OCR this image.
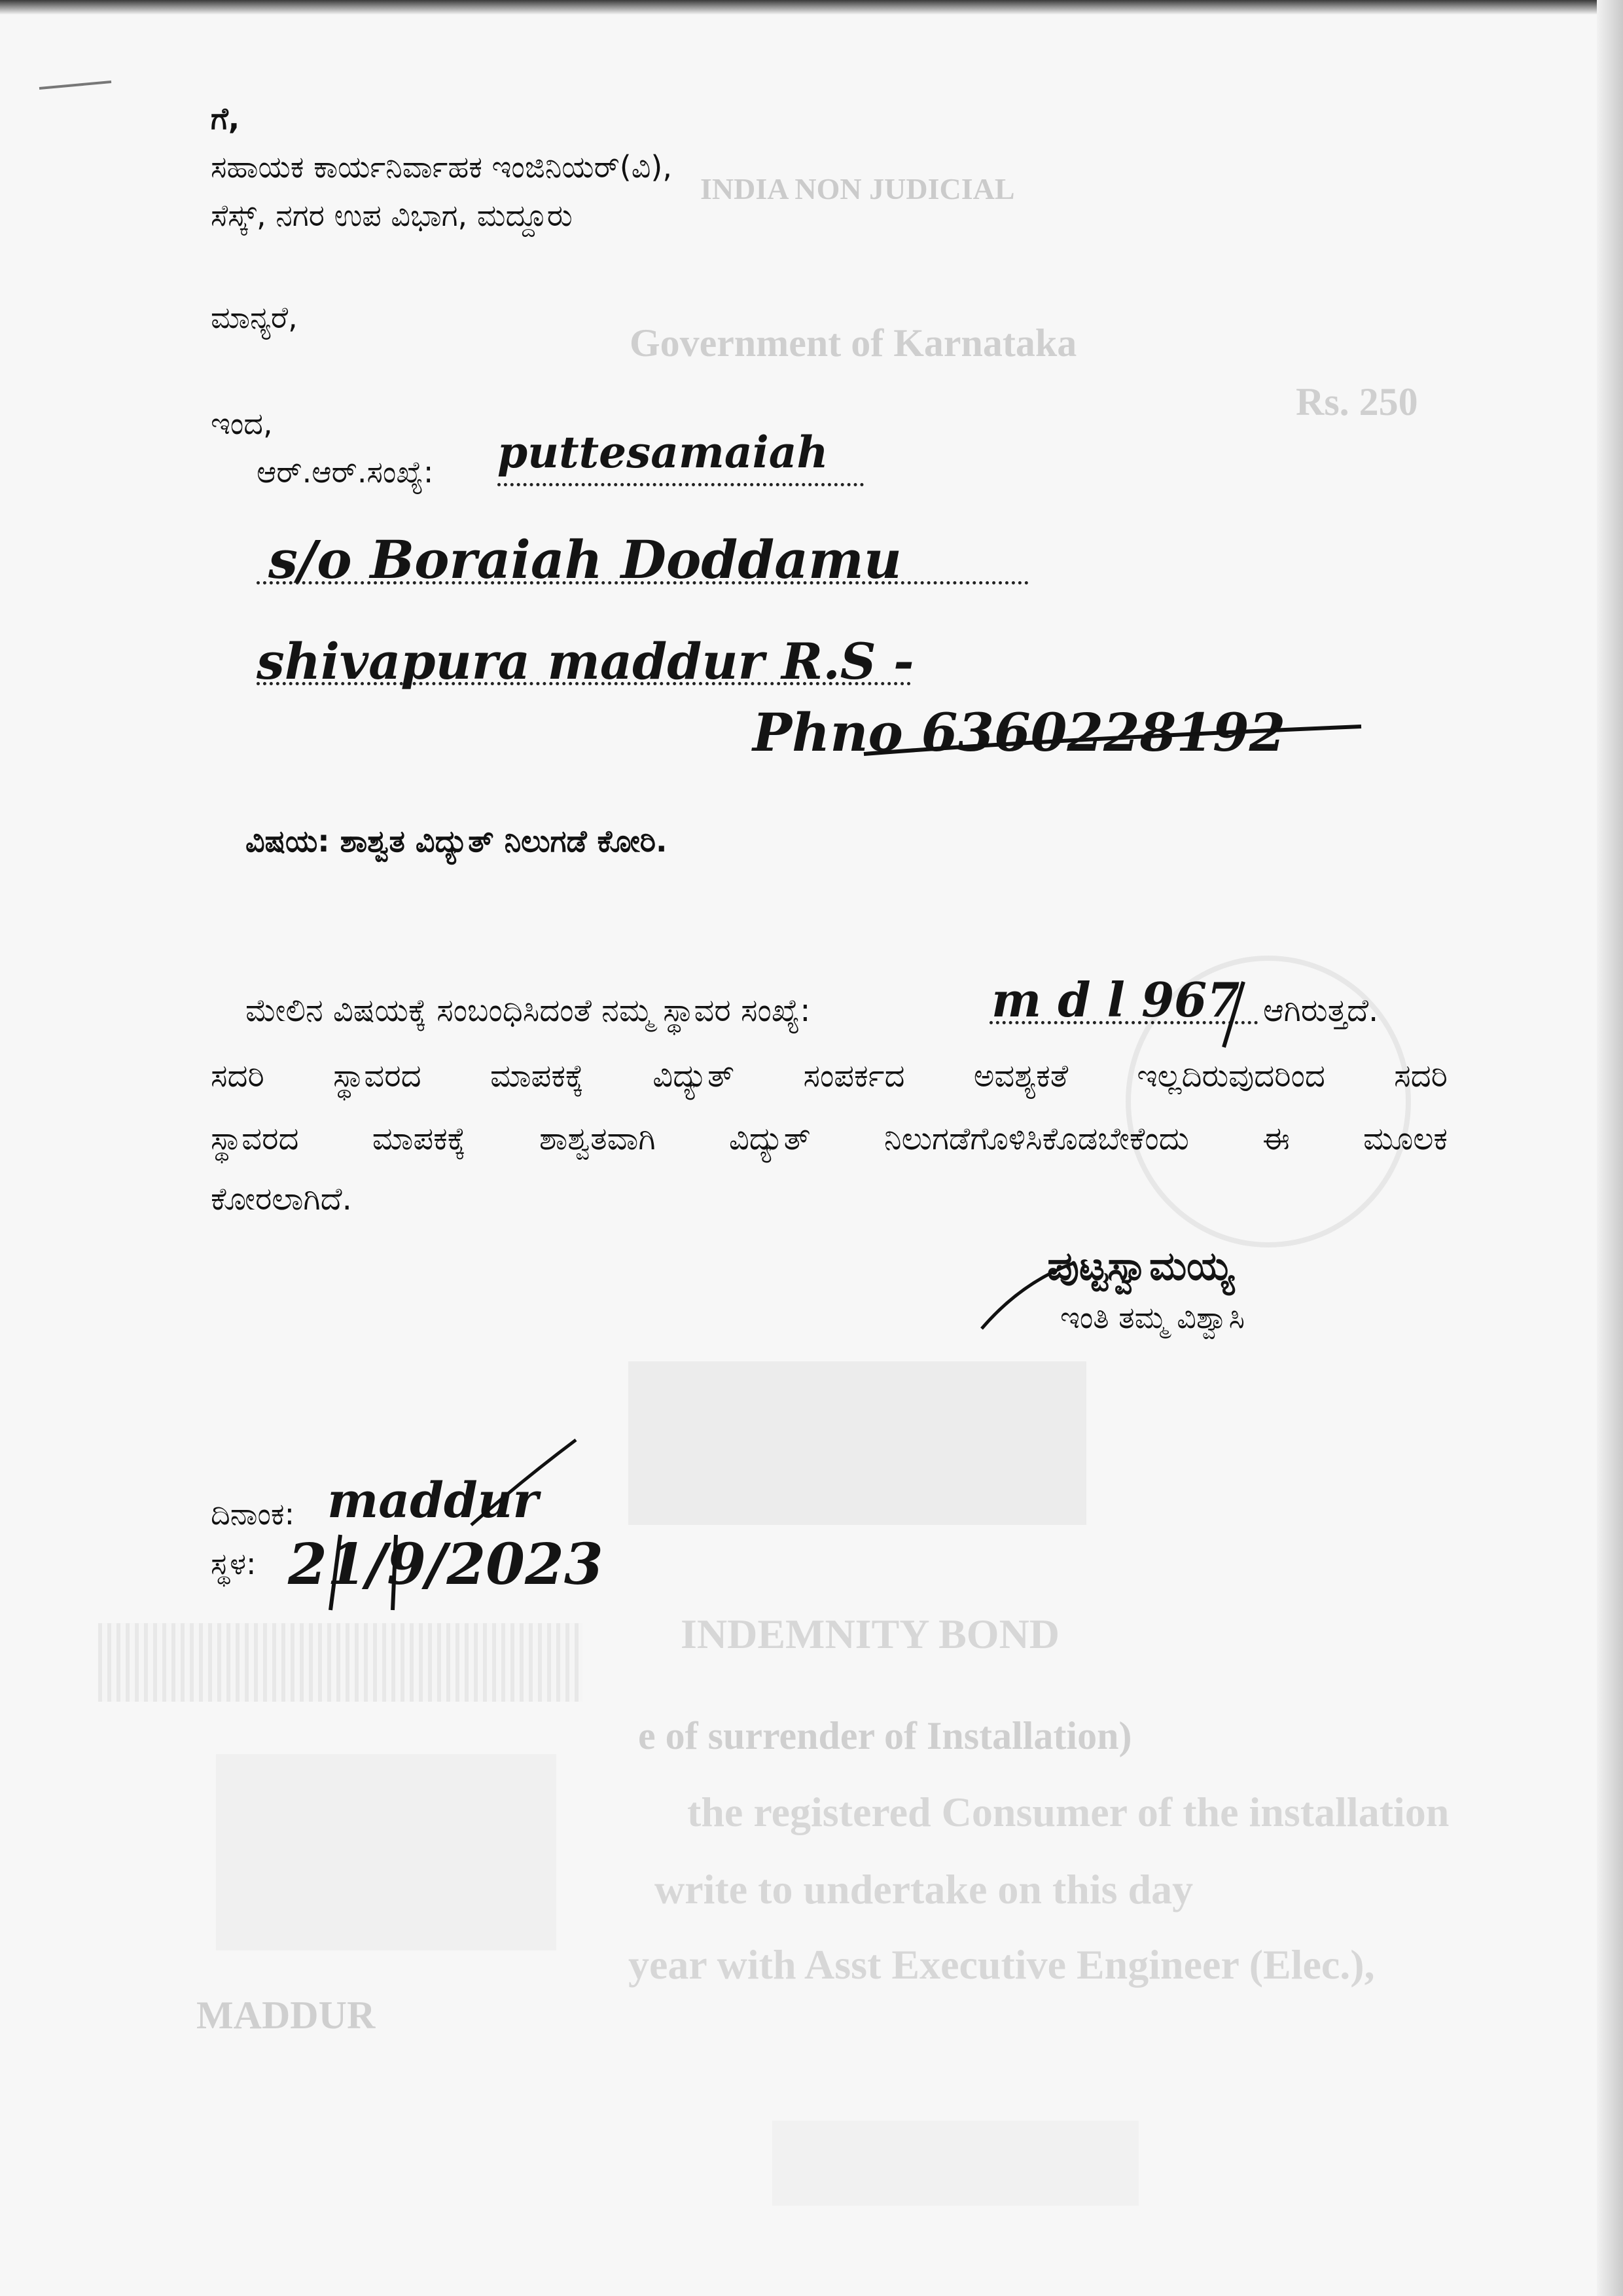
INDIA NON JUDICIAL
Government of Karnataka
Rs. 250
INDEMNITY BOND
e of surrender of Installation)
the registered Consumer of the installation
write to undertake on this day
year with Asst Executive Engineer (Elec.),
MADDUR
ಗೆ,
ಸಹಾಯಕ ಕಾರ್ಯನಿರ್ವಾಹಕ ಇಂಜಿನಿಯರ್(ವಿ),
ಸೆಸ್ಕ್, ನಗರ ಉಪ ವಿಭಾಗ, ಮದ್ದೂರು
ಮಾನ್ಯರೆ,
ಇಂದ,
ಆರ್.ಆರ್.ಸಂಖ್ಯೆ: puttesamaiah
s/o Boraiah Doddamu
shivapura maddur R.S -
Phno 6360228192
ವಿಷಯ: ಶಾಶ್ವತ ವಿದ್ಯುತ್ ನಿಲುಗಡೆ ಕೋರಿ.
ಮೇಲಿನ ವಿಷಯಕ್ಕೆ ಸಂಬಂಧಿಸಿದಂತೆ ನಮ್ಮ ಸ್ಥಾವರ ಸಂಖ್ಯೆ:	m d l 967 ಆಗಿರುತ್ತದೆ.
ಸದರಿ ಸ್ಥಾವರದ ಮಾಪಕಕ್ಕೆ ವಿದ್ಯುತ್ ಸಂಪರ್ಕದ ಅವಶ್ಯಕತೆ ಇಲ್ಲದಿರುವುದರಿಂದ ಸದರಿ
ಸ್ಥಾವರದ ಮಾಪಕಕ್ಕೆ ಶಾಶ್ವತವಾಗಿ ವಿದ್ಯುತ್ ನಿಲುಗಡೆಗೊಳಿಸಿಕೊಡಬೇಕೆಂದು ಈ ಮೂಲಕ
ಕೋರಲಾಗಿದೆ.
ಪುಟ್ಟಸ್ವಾಮಯ್ಯ
ಇಂತಿ ತಮ್ಮ ವಿಶ್ವಾಸಿ
ದಿನಾಂಕ: maddur
ಸ್ಥಳ: 21/9/2023
